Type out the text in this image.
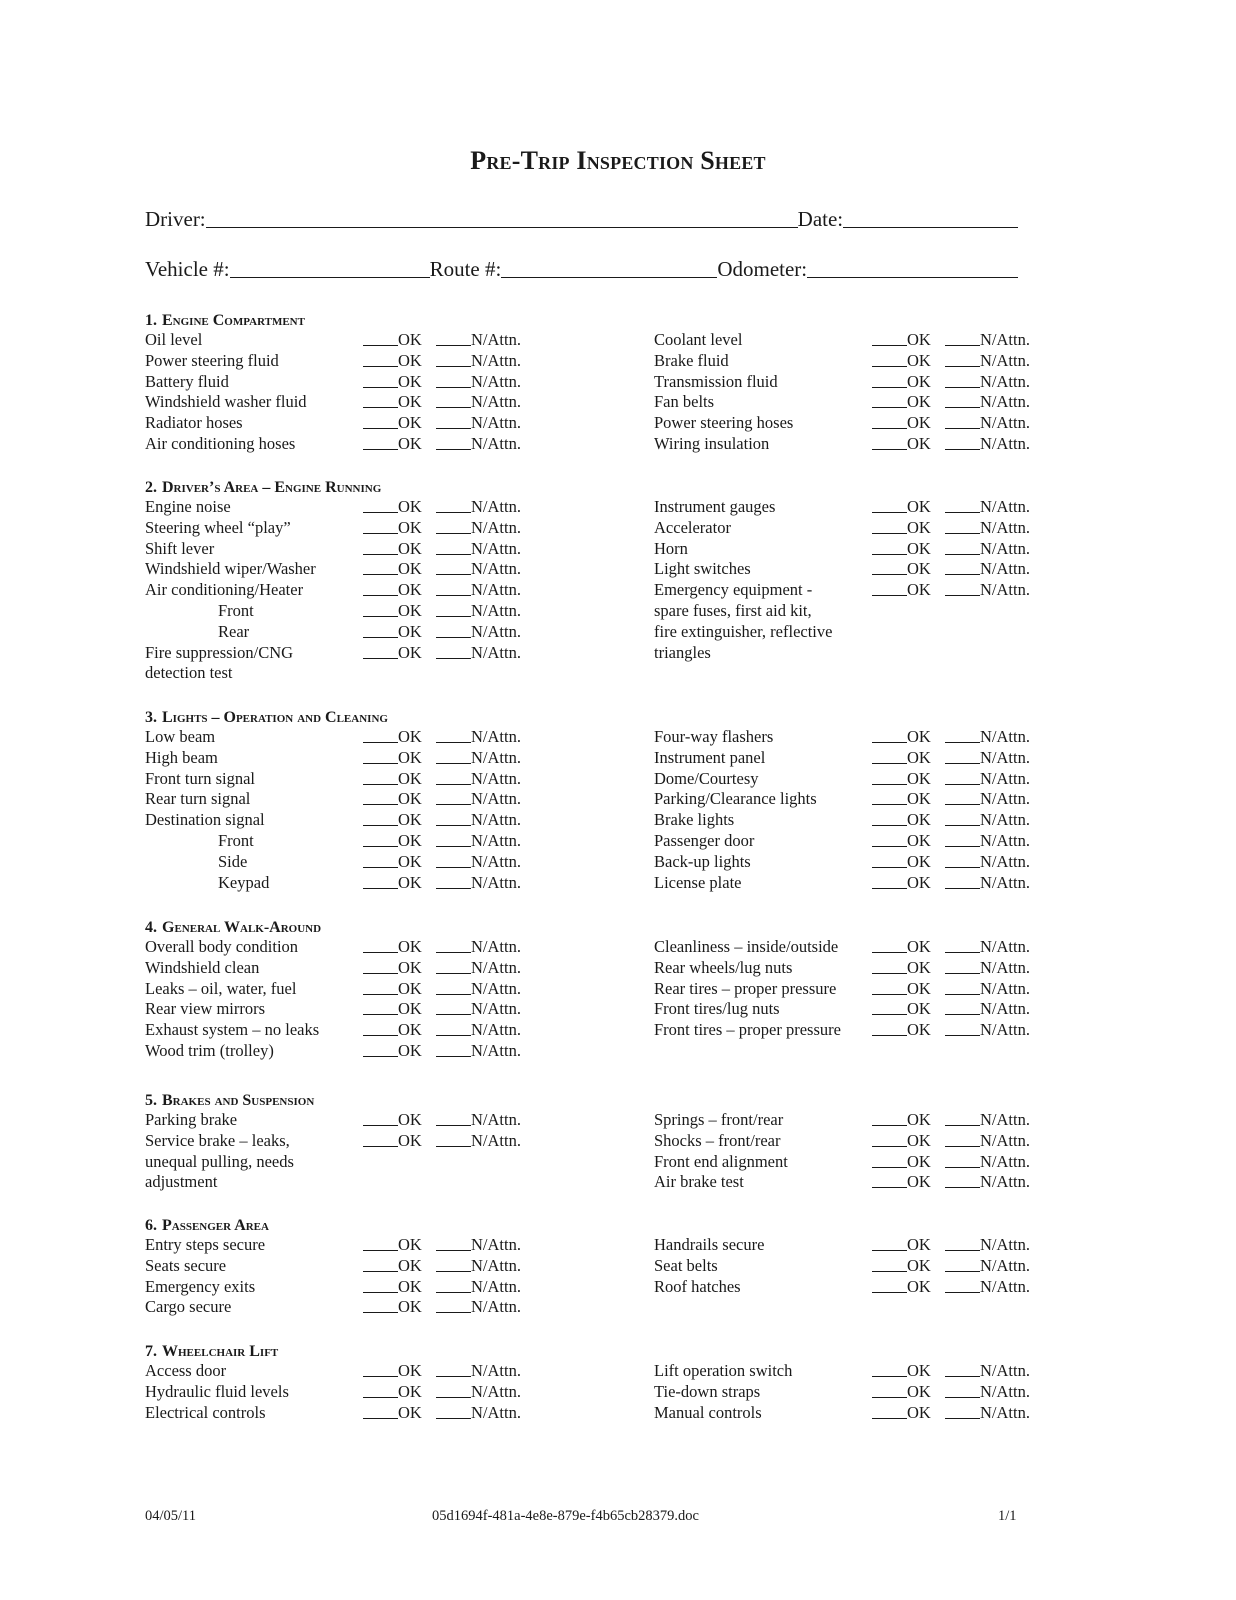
Pre-Trip Inspection Sheet
Driver:	Date:
Vehicle #:	Route #:	Odometer:
1. Engine Compartment
Oil level	OK	N/Attn.
Power steering fluid	OK	N/Attn.
Battery fluid	OK	N/Attn.
Windshield washer fluid	OK	N/Attn.
Radiator hoses	OK	N/Attn.
Air conditioning hoses	OK	N/Attn.
Coolant level	OK	N/Attn.
Brake fluid	OK	N/Attn.
Transmission fluid	OK	N/Attn.
Fan belts	OK	N/Attn.
Power steering hoses	OK	N/Attn.
Wiring insulation	OK	N/Attn.
2. Driver’s Area – Engine Running
Engine noise	OK	N/Attn.
Steering wheel “play”	OK	N/Attn.
Shift lever	OK	N/Attn.
Windshield wiper/Washer	OK	N/Attn.
Air conditioning/Heater	OK	N/Attn.
Front	OK	N/Attn.
Rear	OK	N/Attn.
Fire suppression/CNG	OK	N/Attn.
detection test
Instrument gauges	OK	N/Attn.
Accelerator	OK	N/Attn.
Horn	OK	N/Attn.
Light switches	OK	N/Attn.
Emergency equipment -	OK	N/Attn.
spare fuses, first aid kit,
fire extinguisher, reflective
triangles
3. Lights – Operation and Cleaning
Low beam	OK	N/Attn.
High beam	OK	N/Attn.
Front turn signal	OK	N/Attn.
Rear turn signal	OK	N/Attn.
Destination signal	OK	N/Attn.
Front	OK	N/Attn.
Side	OK	N/Attn.
Keypad	OK	N/Attn.
Four-way flashers	OK	N/Attn.
Instrument panel	OK	N/Attn.
Dome/Courtesy	OK	N/Attn.
Parking/Clearance lights	OK	N/Attn.
Brake lights	OK	N/Attn.
Passenger door	OK	N/Attn.
Back-up lights	OK	N/Attn.
License plate	OK	N/Attn.
4. General Walk-Around
Overall body condition	OK	N/Attn.
Windshield clean	OK	N/Attn.
Leaks – oil, water, fuel	OK	N/Attn.
Rear view mirrors	OK	N/Attn.
Exhaust system – no leaks	OK	N/Attn.
Wood trim (trolley)	OK	N/Attn.
Cleanliness – inside/outside	OK	N/Attn.
Rear wheels/lug nuts	OK	N/Attn.
Rear tires – proper pressure	OK	N/Attn.
Front tires/lug nuts	OK	N/Attn.
Front tires – proper pressure	OK	N/Attn.
5. Brakes and Suspension
Parking brake	OK	N/Attn.
Service brake – leaks,	OK	N/Attn.
unequal pulling, needs
adjustment
Springs – front/rear	OK	N/Attn.
Shocks – front/rear	OK	N/Attn.
Front end alignment	OK	N/Attn.
Air brake test	OK	N/Attn.
6. Passenger Area
Entry steps secure	OK	N/Attn.
Seats secure	OK	N/Attn.
Emergency exits	OK	N/Attn.
Cargo secure	OK	N/Attn.
Handrails secure	OK	N/Attn.
Seat belts	OK	N/Attn.
Roof hatches	OK	N/Attn.
7. Wheelchair Lift
Access door	OK	N/Attn.
Hydraulic fluid levels	OK	N/Attn.
Electrical controls	OK	N/Attn.
Lift operation switch	OK	N/Attn.
Tie-down straps	OK	N/Attn.
Manual controls	OK	N/Attn.
04/05/11	05d1694f-481a-4e8e-879e-f4b65cb28379.doc	1/1
